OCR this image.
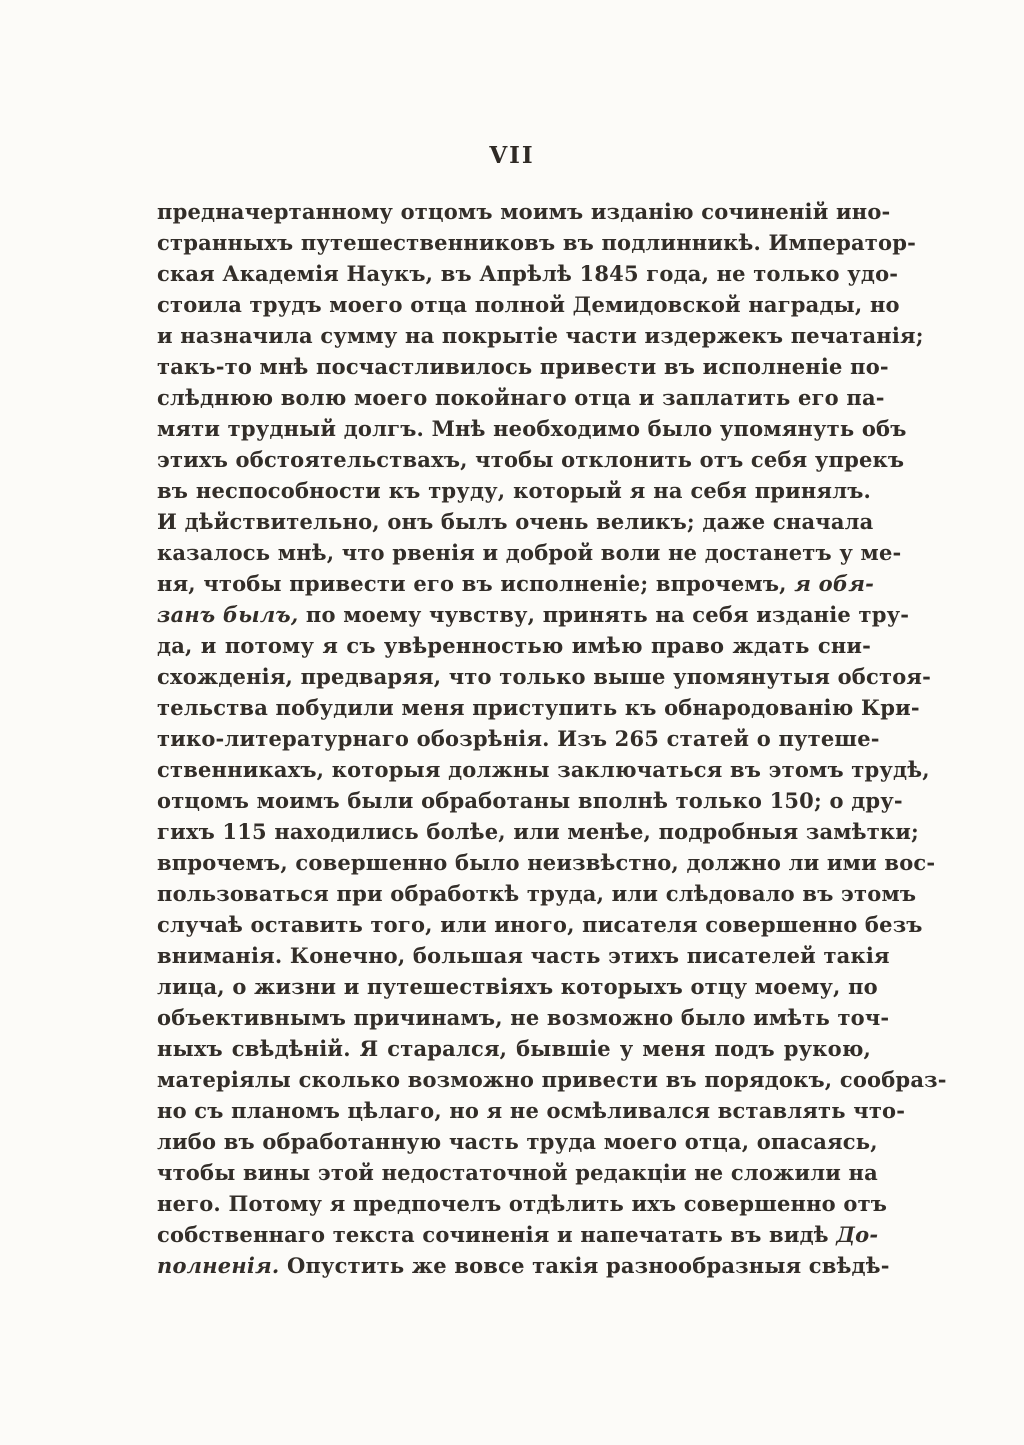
VII
предначертанному отцомъ моимъ изданію сочиненій ино-
странныхъ путешественниковъ въ подлинникѣ. Император-
ская Академія Наукъ, въ Апрѣлѣ 1845 года, не только удо-
стоила трудъ моего отца полной Демидовской награды, но
и назначила сумму на покрытіе части издержекъ печатанія;
такъ-то мнѣ посчастливилось привести въ исполненіе по-
слѣднюю волю моего покойнаго отца и заплатить его па-
мяти трудный долгъ. Мнѣ необходимо было упомянуть объ
этихъ обстоятельствахъ, чтобы отклонить отъ себя упрекъ
въ неспособности къ труду, который я на себя принялъ.
И дѣйствительно, онъ былъ очень великъ; даже сначала
казалось мнѣ, что рвенія и доброй воли не достанетъ у ме-
ня, чтобы привести его въ исполненіе; впрочемъ, я обя-
занъ былъ, по моему чувству, принять на себя изданіе тру-
да, и потому я съ увѣренностью имѣю право ждать сни-
схожденія, предваряя, что только выше упомянутыя обстоя-
тельства побудили меня приступить къ обнародованію Кри-
тико-литературнаго обозрѣнія. Изъ 265 статей о путеше-
ственникахъ, которыя должны заключаться въ этомъ трудѣ,
отцомъ моимъ были обработаны вполнѣ только 150; о дру-
гихъ 115 находились болѣе, или менѣе, подробныя замѣтки;
впрочемъ, совершенно было неизвѣстно, должно ли ими вос-
пользоваться при обработкѣ труда, или слѣдовало въ этомъ
случаѣ оставить того, или иного, писателя совершенно безъ
вниманія. Конечно, большая часть этихъ писателей такія
лица, о жизни и путешествіяхъ которыхъ отцу моему, по
объективнымъ причинамъ, не возможно было имѣть точ-
ныхъ свѣдѣній. Я старался, бывшіе у меня подъ рукою,
матеріялы сколько возможно привести въ порядокъ, сообраз-
но съ планомъ цѣлаго, но я не осмѣливался вставлять что-
либо въ обработанную часть труда моего отца, опасаясь,
чтобы вины этой недостаточной редакціи не сложили на
него. Потому я предпочелъ отдѣлить ихъ совершенно отъ
собственнаго текста сочиненія и напечатать въ видѣ До-
полненія. Опустить же вовсе такія разнообразныя свѣдѣ-
